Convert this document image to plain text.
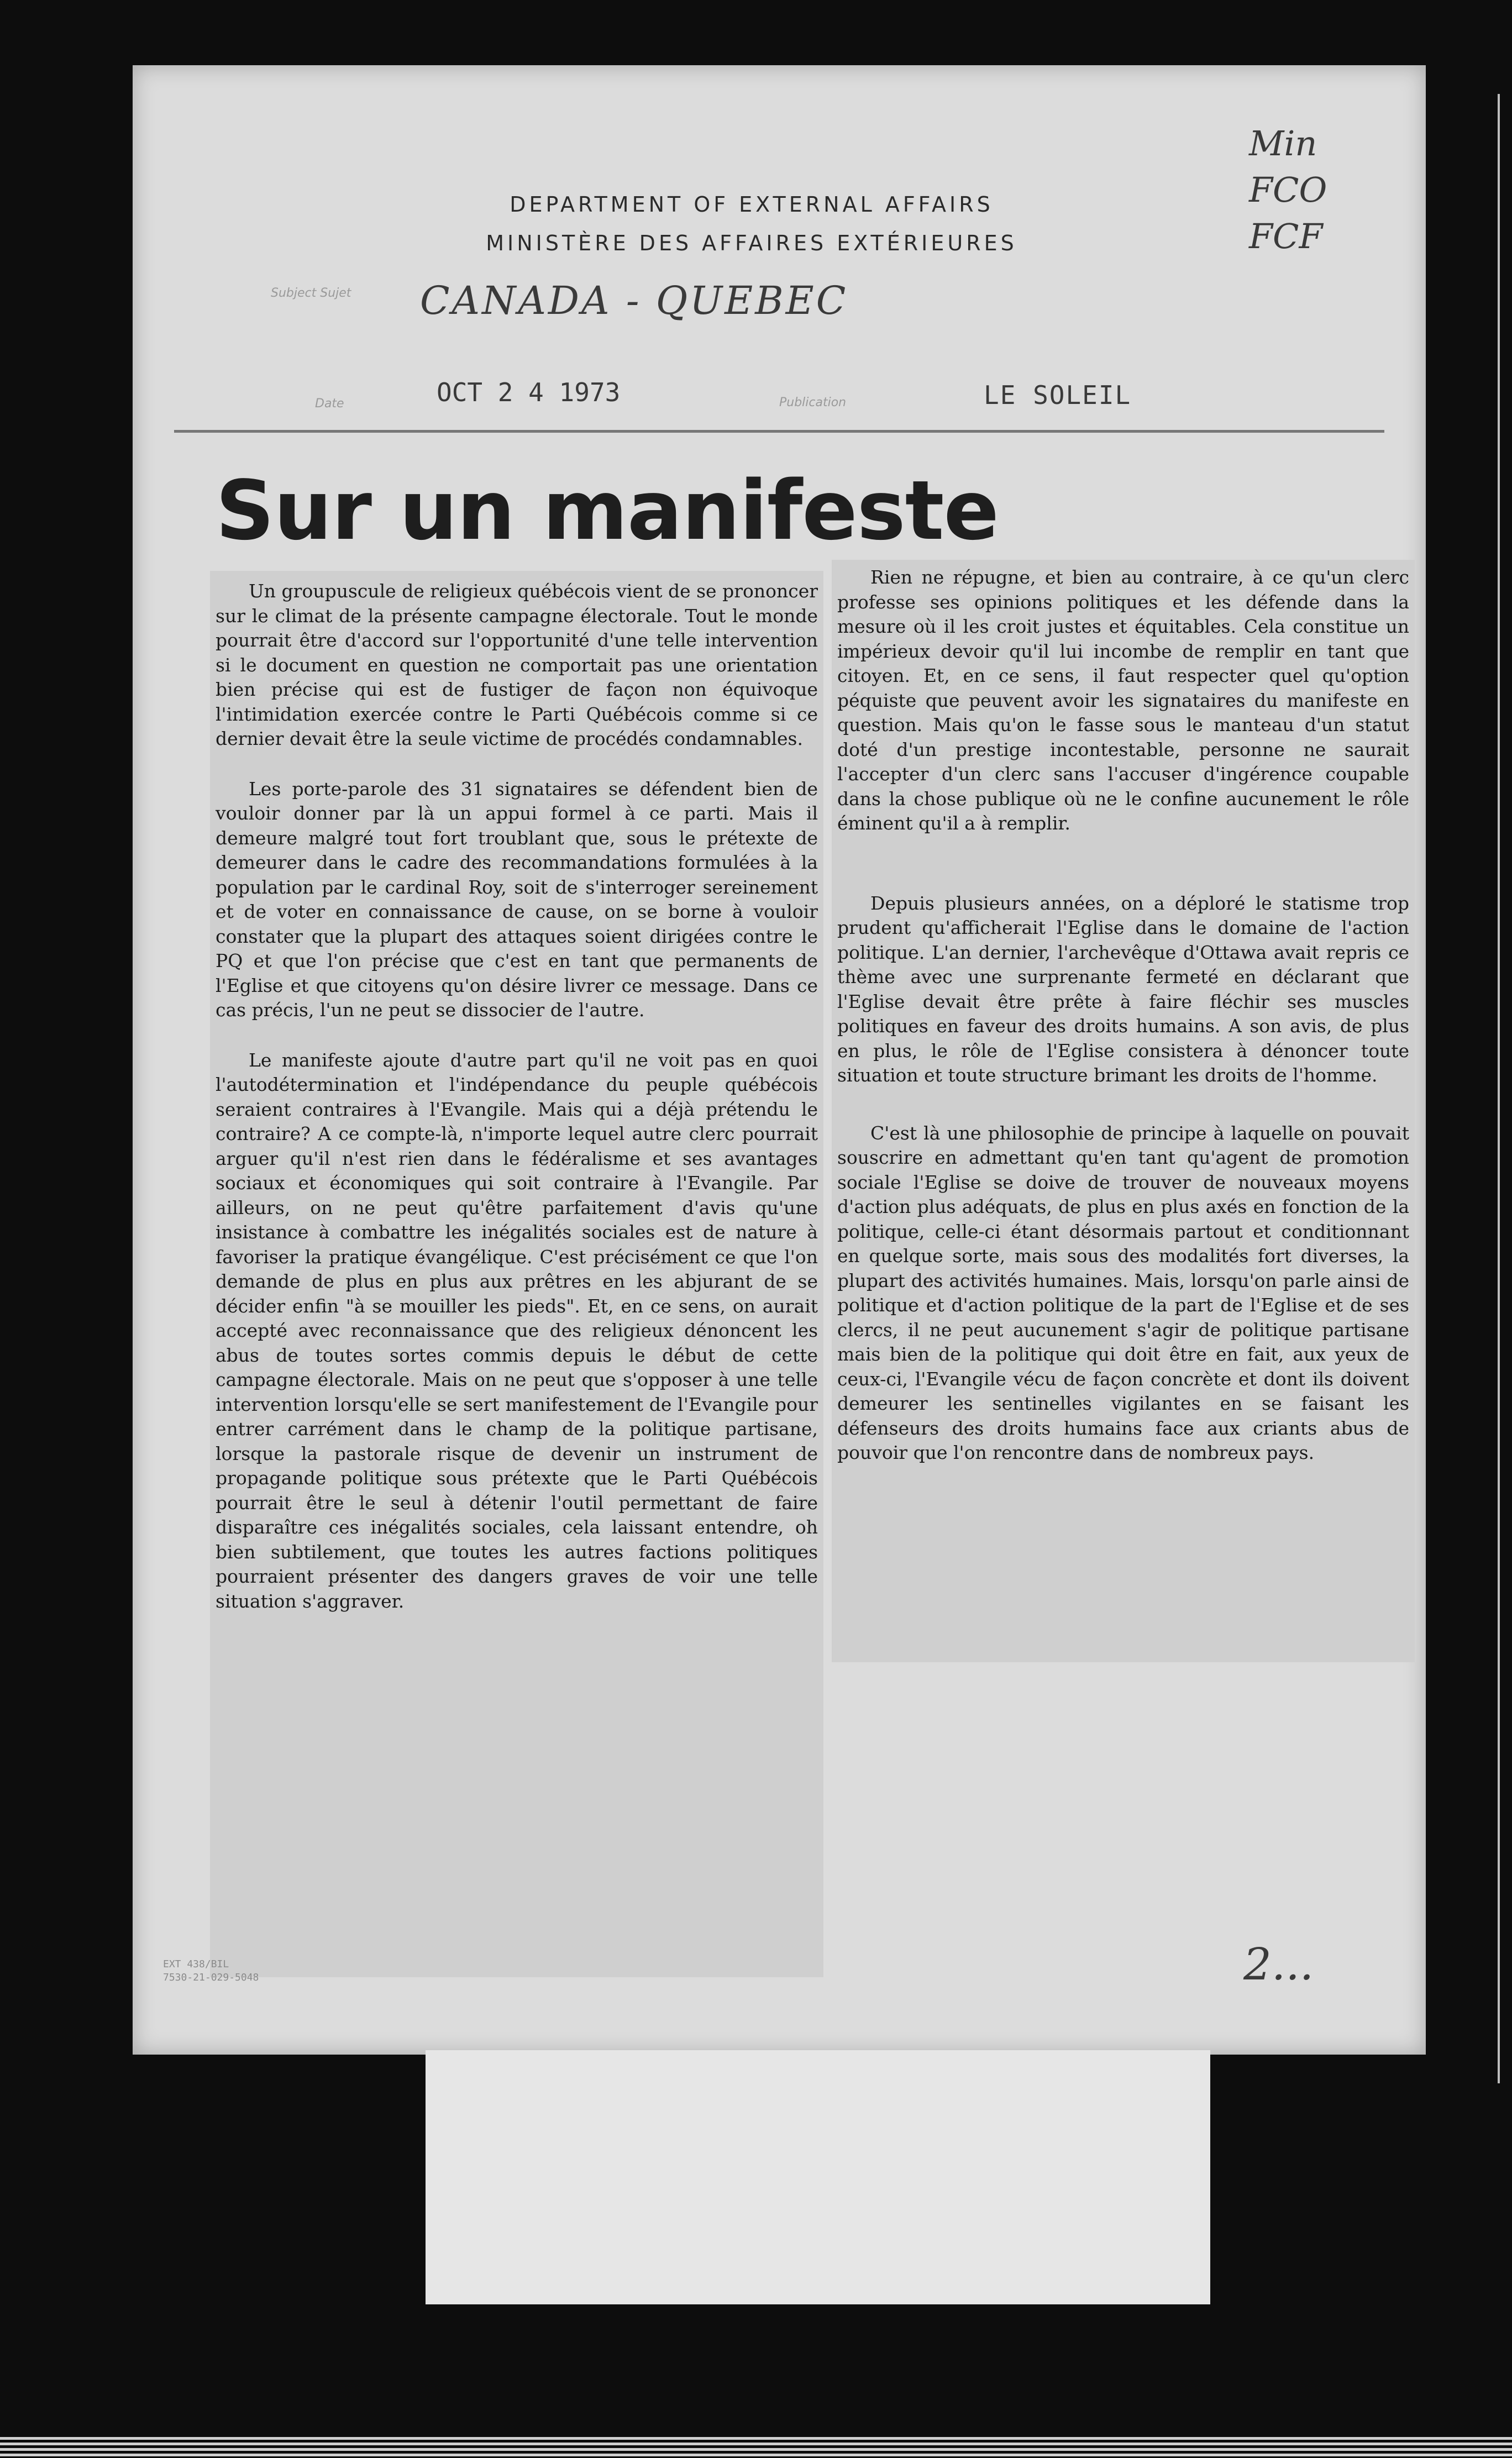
DEPARTMENT OF EXTERNAL AFFAIRS
MINISTÈRE DES AFFAIRES EXTÉRIEURES
Min
FCO
FCF
Subject Sujet CANADA - QUEBEC
Date	OCT 2 4 1973	Publication	LE SOLEIL
Sur un manifeste

Un groupuscule de religieux québécois vient de se prononcer sur le climat de la présente campagne électorale. Tout le monde pourrait être d'accord sur l'opportunité d'une telle intervention si le document en question ne comportait pas une orientation bien précise qui est de fustiger de façon non équivoque l'intimidation exercée contre le Parti Québécois comme si ce dernier devait être la seule victime de procédés condamnables.

Les porte-parole des 31 signataires se défendent bien de vouloir donner par là un appui formel à ce parti. Mais il demeure malgré tout fort troublant que, sous le prétexte de demeurer dans le cadre des recommandations formulées à la population par le cardinal Roy, soit de s'interroger sereinement et de voter en connaissance de cause, on se borne à vouloir constater que la plupart des attaques soient dirigées contre le PQ et que l'on précise que c'est en tant que permanents de l'Eglise et que citoyens qu'on désire livrer ce message. Dans ce cas précis, l'un ne peut se dissocier de l'autre.

Le manifeste ajoute d'autre part qu'il ne voit pas en quoi l'autodétermination et l'indépendance du peuple québécois seraient contraires à l'Evangile. Mais qui a déjà prétendu le contraire? A ce compte-là, n'importe lequel autre clerc pourrait arguer qu'il n'est rien dans le fédéralisme et ses avantages sociaux et économiques qui soit contraire à l'Evangile. Par ailleurs, on ne peut qu'être parfaitement d'avis qu'une insistance à combattre les inégalités sociales est de nature à favoriser la pratique évangélique. C'est précisément ce que l'on demande de plus en plus aux prêtres en les abjurant de se décider enfin "à se mouiller les pieds". Et, en ce sens, on aurait accepté avec reconnaissance que des religieux dénoncent les abus de toutes sortes commis depuis le début de cette campagne électorale. Mais on ne peut que s'opposer à une telle intervention lorsqu'elle se sert manifestement de l'Evangile pour entrer carrément dans le champ de la politique partisane, lorsque la pastorale risque de devenir un instrument de propagande politique sous prétexte que le Parti Québécois pourrait être le seul à détenir l'outil permettant de faire disparaître ces inégalités sociales, cela laissant entendre, oh bien subtilement, que toutes les autres factions politiques pourraient présenter des dangers graves de voir une telle situation s'aggraver.

Rien ne répugne, et bien au contraire, à ce qu'un clerc professe ses opinions politiques et les défende dans la mesure où il les croit justes et équitables. Cela constitue un impérieux devoir qu'il lui incombe de remplir en tant que citoyen. Et, en ce sens, il faut respecter quel qu'option péquiste que peuvent avoir les signataires du manifeste en question. Mais qu'on le fasse sous le manteau d'un statut doté d'un prestige incontestable, personne ne saurait l'accepter d'un clerc sans l'accuser d'ingérence coupable dans la chose publique où ne le confine aucunement le rôle éminent qu'il a à remplir.

Depuis plusieurs années, on a déploré le statisme trop prudent qu'afficherait l'Eglise dans le domaine de l'action politique. L'an dernier, l'archevêque d'Ottawa avait repris ce thème avec une surprenante fermeté en déclarant que l'Eglise devait être prête à faire fléchir ses muscles politiques en faveur des droits humains. A son avis, de plus en plus, le rôle de l'Eglise consistera à dénoncer toute situation et toute structure brimant les droits de l'homme.

C'est là une philosophie de principe à laquelle on pouvait souscrire en admettant qu'en tant qu'agent de promotion sociale l'Eglise se doive de trouver de nouveaux moyens d'action plus adéquats, de plus en plus axés en fonction de la politique, celle-ci étant désormais partout et conditionnant en quelque sorte, mais sous des modalités fort diverses, la plupart des activités humaines. Mais, lorsqu'on parle ainsi de politique et d'action politique de la part de l'Eglise et de ses clercs, il ne peut aucunement s'agir de politique partisane mais bien de la politique qui doit être en fait, aux yeux de ceux-ci, l'Evangile vécu de façon concrète et dont ils doivent demeurer les sentinelles vigilantes en se faisant les défenseurs des droits humains face aux criants abus de pouvoir que l'on rencontre dans de nombreux pays.

EXT 438/BIL
7530-21-029-5048	2...
